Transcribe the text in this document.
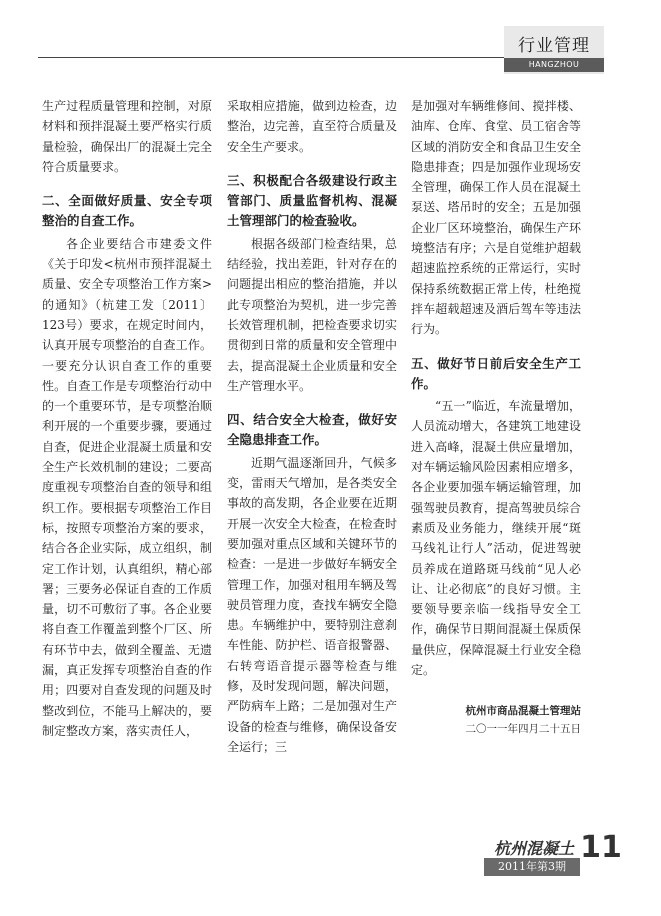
行业管理
HANGZHOU CONCRETE

生产过程质量管理和控制，对原材料和预拌混凝土要严格实行质量检验，确保出厂的混凝土完全符合质量要求。

二、全面做好质量、安全专项整治的自查工作。

各企业要结合市建委文件《关于印发<杭州市预拌混凝土质量、安全专项整治工作方案>的通知》（杭建工发〔2011〕123号）要求，在规定时间内，认真开展专项整治的自查工作。一要充分认识自查工作的重要性。自查工作是专项整治行动中的一个重要环节，是专项整治顺利开展的一个重要步骤，要通过自查，促进企业混凝土质量和安全生产长效机制的建设；二要高度重视专项整治自查的领导和组织工作。要根据专项整治工作目标，按照专项整治方案的要求，结合各企业实际，成立组织，制定工作计划，认真组织，精心部署；三要务必保证自查的工作质量，切不可敷衍了事。各企业要将自查工作覆盖到整个厂区、所有环节中去，做到全覆盖、无遗漏，真正发挥专项整治自查的作用；四要对自查发现的问题及时整改到位，不能马上解决的，要制定整改方案，落实责任人，

采取相应措施，做到边检查，边整治，边完善，直至符合质量及安全生产要求。

三、积极配合各级建设行政主管部门、质量监督机构、混凝土管理部门的检查验收。

根据各级部门检查结果，总结经验，找出差距，针对存在的问题提出相应的整治措施，并以此专项整治为契机，进一步完善长效管理机制，把检查要求切实贯彻到日常的质量和安全管理中去，提高混凝土企业质量和安全生产管理水平。

四、结合安全大检查，做好安全隐患排查工作。

近期气温逐渐回升，气候多变，雷雨天气增加，是各类安全事故的高发期，各企业要在近期开展一次安全大检查，在检查时要加强对重点区域和关键环节的检查：一是进一步做好车辆安全管理工作，加强对租用车辆及驾驶员管理力度，查找车辆安全隐患。车辆维护中，要特别注意刹车性能、防护栏、语音报警器、右转弯语音提示器等检查与维修，及时发现问题，解决问题，严防病车上路；二是加强对生产设备的检查与维修，确保设备安全运行；三

是加强对车辆维修间、搅拌楼、油库、仓库、食堂、员工宿舍等区域的消防安全和食品卫生安全隐患排查；四是加强作业现场安全管理，确保工作人员在混凝土泵送、塔吊时的安全；五是加强企业厂区环境整治，确保生产环境整洁有序；六是自觉维护超载超速监控系统的正常运行，实时保持系统数据正常上传，杜绝搅拌车超载超速及酒后驾车等违法行为。

五、做好节日前后安全生产工作。

“五一”临近，车流量增加，人员流动增大，各建筑工地建设进入高峰，混凝土供应量增加，对车辆运输风险因素相应增多，各企业要加强车辆运输管理，加强驾驶员教育，提高驾驶员综合素质及业务能力，继续开展“斑马线礼让行人”活动，促进驾驶员养成在道路斑马线前“见人必让、让必彻底”的良好习惯。主要领导要亲临一线指导安全工作，确保节日期间混凝土保质保量供应，保障混凝土行业安全稳定。

杭州市商品混凝土管理站
二〇一一年四月二十五日
杭州混凝土
2011年第3期
11
